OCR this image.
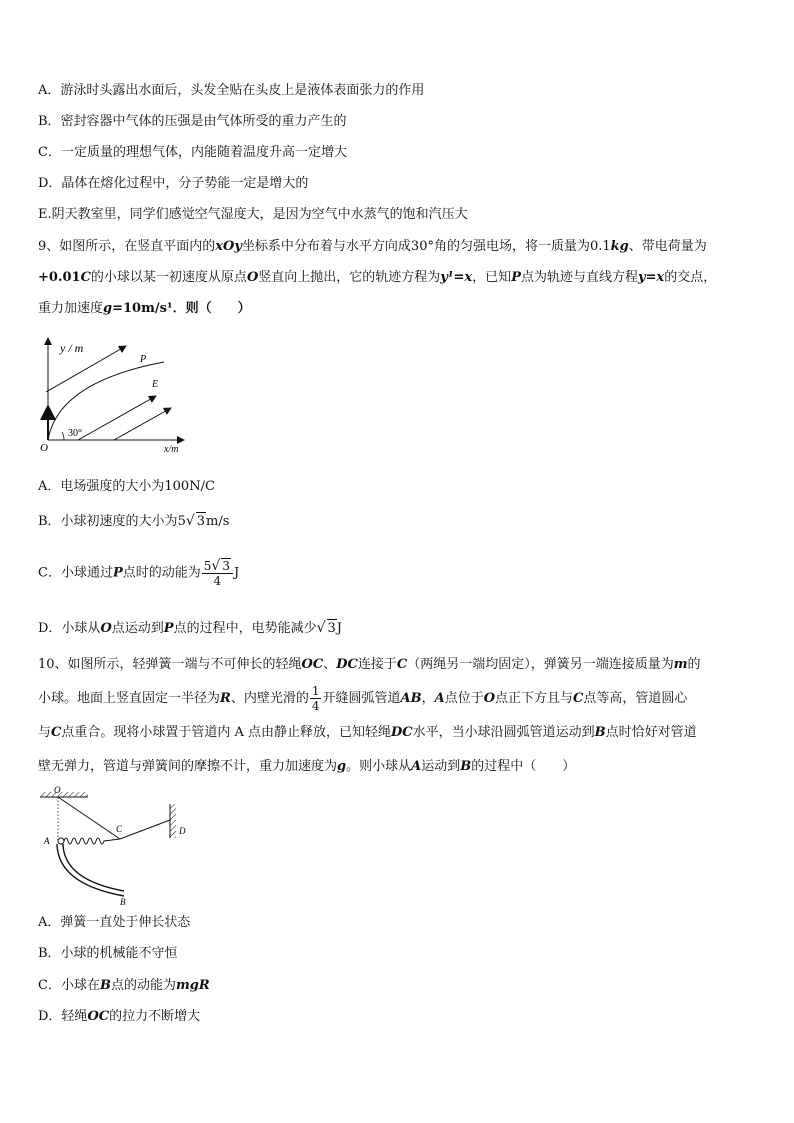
A．游泳时头露出水面后，头发全贴在头皮上是液体表面张力的作用
B．密封容器中气体的压强是由气体所受的重力产生的
C．一定质量的理想气体，内能随着温度升高一定增大
D．晶体在熔化过程中，分子势能一定是增大的
E.阴天教室里，同学们感觉空气湿度大，是因为空气中水蒸气的饱和汽压大
9、如图所示，在竖直平面内的xOy坐标系中分布着与水平方向成30°角的匀强电场，将一质量为0.1kg、带电荷量为
+0.01C的小球以某一初速度从原点O竖直向上抛出，它的轨迹方程为y¹=x，已知P点为轨迹与直线方程y=x的交点，
重力加速度g=10m/s¹．则（　　）
30°
y / m
x/m
O
P
E
A．电场强度的大小为100N/C
B．小球初速度的大小为5√ 3m/s
C．小球通过P点时的动能为 $\frac{5√ 3}{4}$ J
D．小球从O点运动到P点的过程中，电势能减少√ 3J
10、如图所示，轻弹簧一端与不可伸长的轻绳OC、DC连接于C（两绳另一端均固定），弹簧另一端连接质量为m的
小球。地面上竖直固定一半径为R、内壁光滑的 $\frac{1}{4}$ 开缝圆弧管道AB，A点位于O点正下方且与C点等高，管道圆心
与C点重合。现将小球置于管道内 A 点由静止释放，已知轻绳DC水平，当小球沿圆弧管道运动到B点时恰好对管道
壁无弹力，管道与弹簧间的摩擦不计，重力加速度为g。则小球从A运动到B的过程中（　　）
O
A
C	D
B
A．弹簧一直处于伸长状态
B．小球的机械能不守恒
C．小球在B点的动能为mgR
D．轻绳OC的拉力不断增大
